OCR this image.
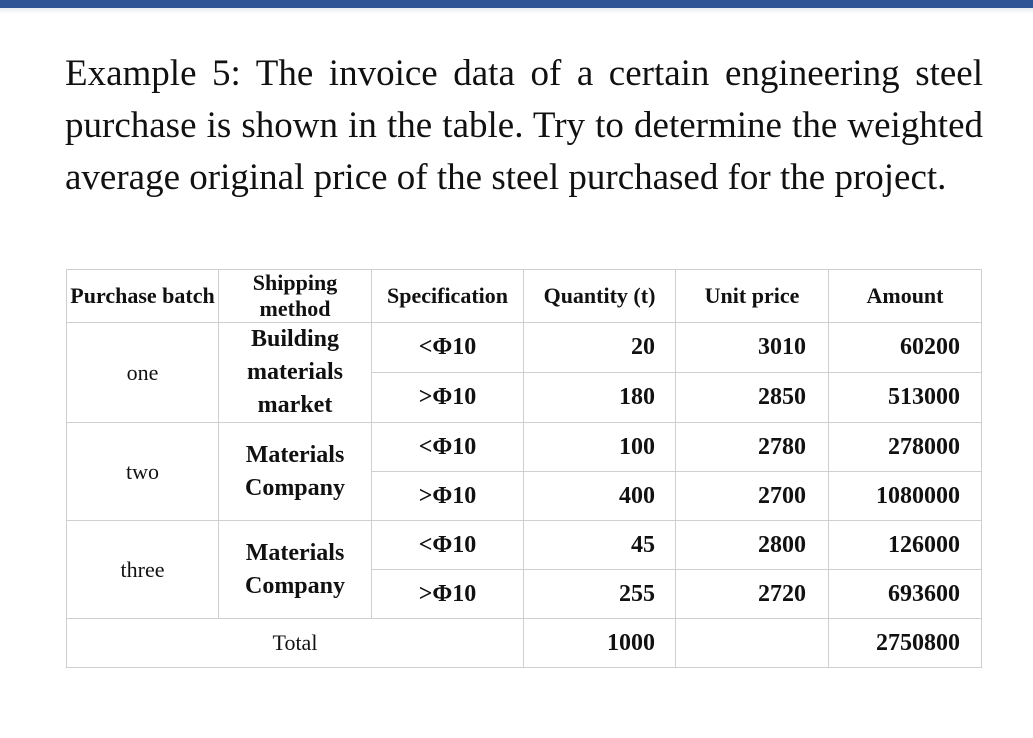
Example 5: The invoice data of a certain engineering steel purchase is shown in the table. Try to determine the weighted average original price of the steel purchased for the project.

Purchase batch	Shipping method	Specification	Quantity (t)	Unit price	Amount
one	Building materials market	<Φ10	20	3010	60200
		>Φ10	180	2850	513000
two	Materials Company	<Φ10	100	2780	278000
		>Φ10	400	2700	1080000
three	Materials Company	<Φ10	45	2800	126000
		>Φ10	255	2720	693600
Total			1000		2750800
